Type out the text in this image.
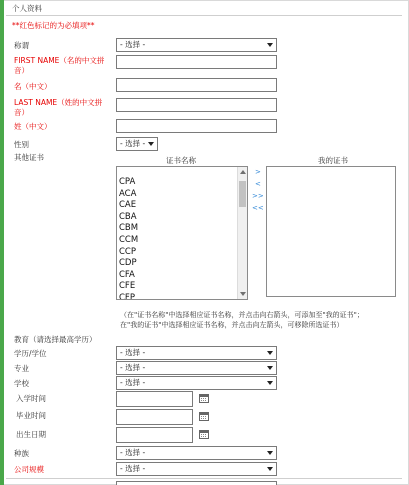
个人资料
**红色标记的为必填项**
称谓	- 选择 -
FIRST NAME（名的中文拼
音）
名（中文）
LAST NAME（姓的中文拼
音）
姓（中文）
性别	- 选择 -
其他证书	证书名称	我的证书
CPA
ACA
CAE
CBA
CBM
CCM
CCP
CDP
CFA
CFE
CFP
>
<
>>
<<
（在"证书名称"中选择相应证书名称，并点击向右箭头，可添加至"我的证书"；
在"我的证书"中选择相应证书名称，并点击向左箭头，可移除所选证书）
教育（请选择最高学历）
学历/学位	- 选择 -
专业	- 选择 -
学校	- 选择 -
入学时间
毕业时间
出生日期
种族	- 选择 -
公司规模	- 选择 -
